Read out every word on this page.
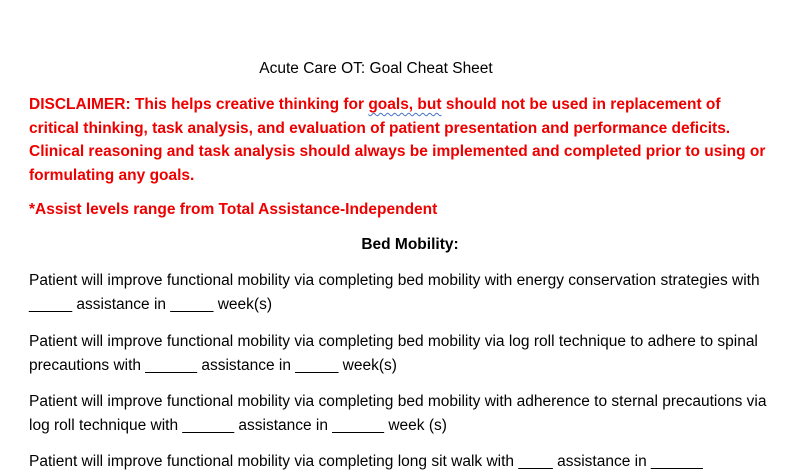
Acute Care OT: Goal Cheat Sheet
DISCLAIMER: This helps creative thinking for goals, but should not be used in replacement of critical thinking, task analysis, and evaluation of patient presentation and performance deficits. Clinical reasoning and task analysis should always be implemented and completed prior to using or formulating any goals.
*Assist levels range from Total Assistance-Independent
Bed Mobility:
Patient will improve functional mobility via completing bed mobility with energy conservation strategies with _____ assistance in _____ week(s)
Patient will improve functional mobility via completing bed mobility via log roll technique to adhere to spinal precautions with ______ assistance in _____ week(s)
Patient will improve functional mobility via completing bed mobility with adherence to sternal precautions via log roll technique with ______ assistance in ______ week (s)
Patient will improve functional mobility via completing long sit walk with ____ assistance in ______
